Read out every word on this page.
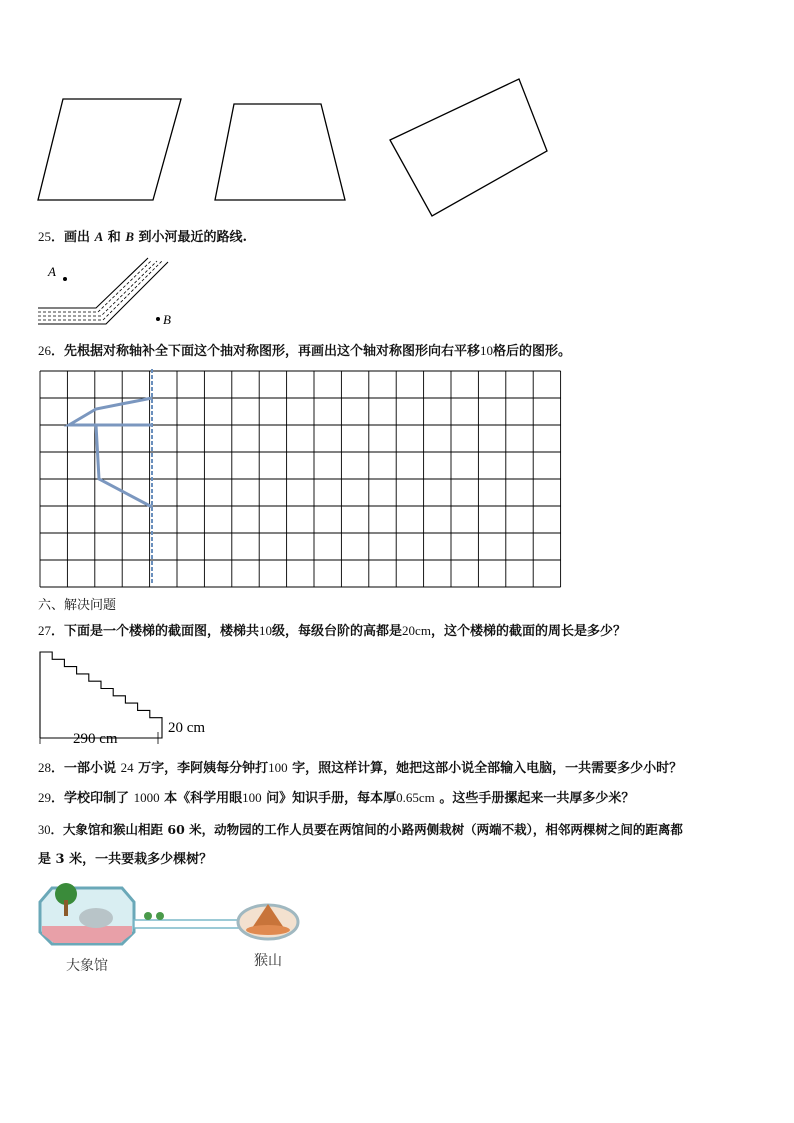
25．画出 A 和 B 到小河最近的路线.
A
B
26．先根据对称轴补全下面这个抽对称图形，再画出这个轴对称图形向右平移10格后的图形。
六、解决问题
27．下面是一个楼梯的截面图，楼梯共10级，每级台阶的高都是20cm，这个楼梯的截面的周长是多少？
20 cm
290 cm
28．一部小说 24 万字，李阿姨每分钟打100 字，照这样计算，她把这部小说全部输入电脑，一共需要多少小时？
29．学校印制了 1000 本《科学用眼100 问》知识手册，每本厚0.65cm 。这些手册摞起来一共厚多少米？
30．大象馆和猴山相距 60 米，动物园的工作人员要在两馆间的小路两侧栽树（两端不栽），相邻两棵树之间的距离都
是 3 米，一共要栽多少棵树？
大象馆	猴山
